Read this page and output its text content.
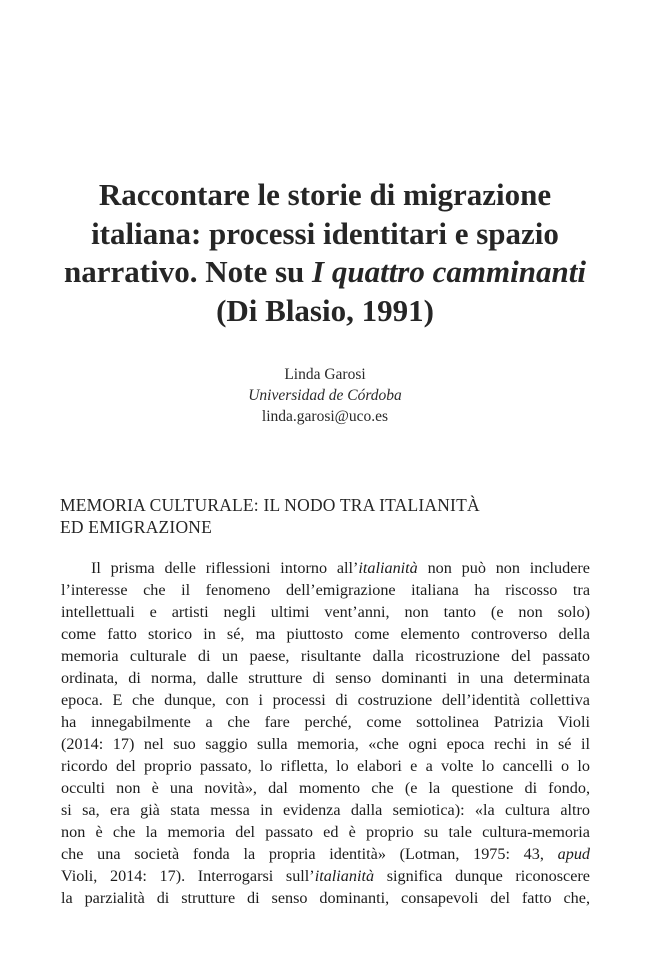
Raccontare le storie di migrazione
italiana: processi identitari e spazio
narrativo. Note su I quattro camminanti
(Di Blasio, 1991)
Linda Garosi
Universidad de Córdoba
linda.garosi@uco.es
MEMORIA CULTURALE: IL NODO TRA ITALIANITÀ
ED EMIGRAZIONE
Il prisma delle riflessioni intorno all’italianità non può non includere
l’interesse che il fenomeno dell’emigrazione italiana ha riscosso tra
intellettuali e artisti negli ultimi vent’anni, non tanto (e non solo)
come fatto storico in sé, ma piuttosto come elemento controverso della
memoria culturale di un paese, risultante dalla ricostruzione del passato
ordinata, di norma, dalle strutture di senso dominanti in una determinata
epoca. E che dunque, con i processi di costruzione dell’identità collettiva
ha innegabilmente a che fare perché, come sottolinea Patrizia Violi
(2014: 17) nel suo saggio sulla memoria, «che ogni epoca rechi in sé il
ricordo del proprio passato, lo rifletta, lo elabori e a volte lo cancelli o lo
occulti non è una novità», dal momento che (e la questione di fondo,
si sa, era già stata messa in evidenza dalla semiotica): «la cultura altro
non è che la memoria del passato ed è proprio su tale cultura-memoria
che una società fonda la propria identità» (Lotman, 1975: 43, apud
Violi, 2014: 17). Interrogarsi sull’italianità significa dunque riconoscere
la parzialità di strutture di senso dominanti, consapevoli del fatto che,
